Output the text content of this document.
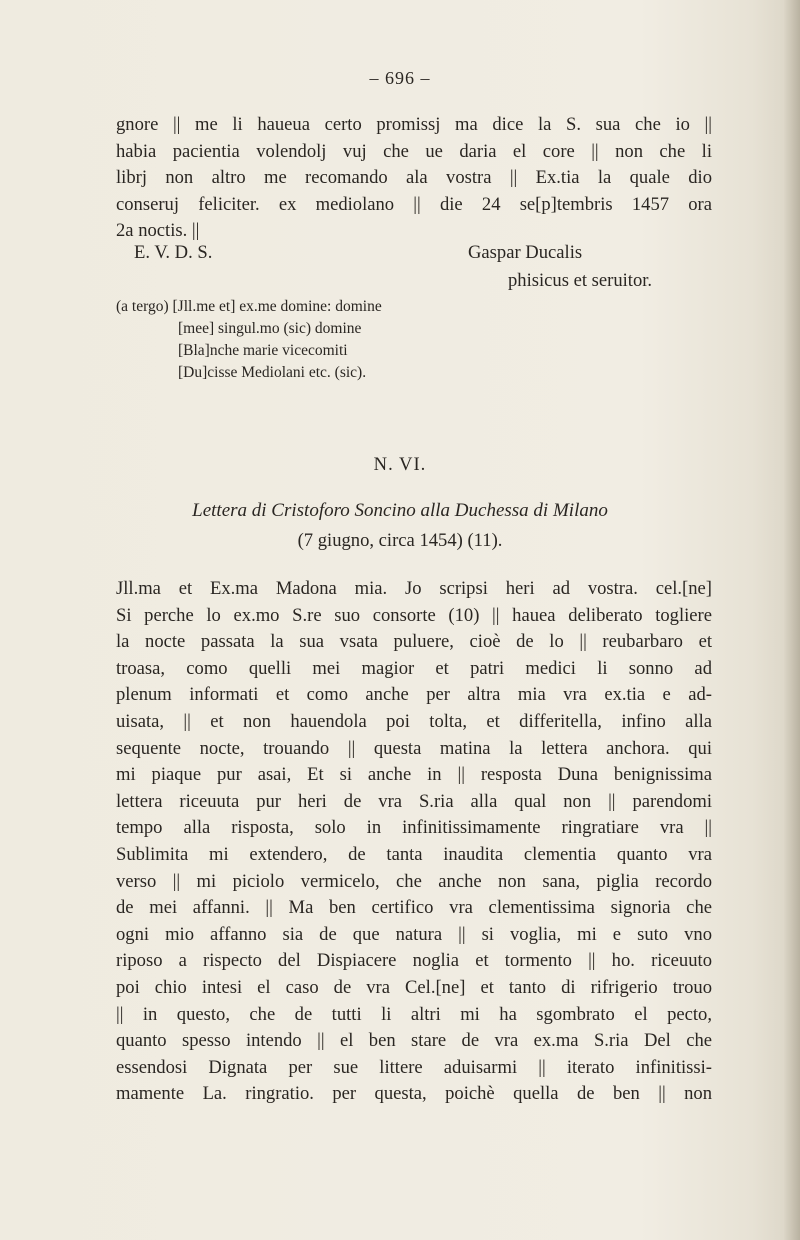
– 696 –
gnore || me li haueua certo promissj ma dice la S. sua che io ||
habia pacientia volendolj vuj che ue daria el core || non che li
librj non altro me recomando ala vostra || Ex.tia la quale dio
conseruj feliciter. ex mediolano || die 24 se[p]tembris 1457 ora
2a noctis. ||
E. V. D. S.	Gaspar Ducalis
phisicus et seruitor.
(a tergo) [Jll.me et] ex.me domine: domine
[mee] singul.mo (sic) domine
[Bla]nche marie vicecomiti
[Du]cisse Mediolani etc. (sic).
N. VI.
Lettera di Cristoforo Soncino alla Duchessa di Milano
(7 giugno, circa 1454) (11).
Jll.ma et Ex.ma Madona mia. Jo scripsi heri ad vostra. cel.[ne]
Si perche lo ex.mo S.re suo consorte (10) || hauea deliberato togliere
la nocte passata la sua vsata puluere, cioè de lo || reubarbaro et
troasa, como quelli mei magior et patri medici li sonno ad
plenum informati et como anche per altra mia vra ex.tia e ad-
uisata, || et non hauendola poi tolta, et differitella, infino alla
sequente nocte, trouando || questa matina la lettera anchora. qui
mi piaque pur asai, Et si anche in || resposta Duna benignissima
lettera riceuuta pur heri de vra S.ria alla qual non || parendomi
tempo alla risposta, solo in infinitissimamente ringratiare vra ||
Sublimita mi extendero, de tanta inaudita clementia quanto vra
verso || mi piciolo vermicelo, che anche non sana, piglia recordo
de mei affanni. || Ma ben certifico vra clementissima signoria che
ogni mio affanno sia de que natura || si voglia, mi e suto vno
riposo a rispecto del Dispiacere noglia et tormento || ho. riceuuto
poi chio intesi el caso de vra Cel.[ne] et tanto di rifrigerio trouo
|| in questo, che de tutti li altri mi ha sgombrato el pecto,
quanto spesso intendo || el ben stare de vra ex.ma S.ria Del che
essendosi Dignata per sue littere aduisarmi || iterato infinitissi-
mamente La. ringratio. per questa, poichè quella de ben || non
